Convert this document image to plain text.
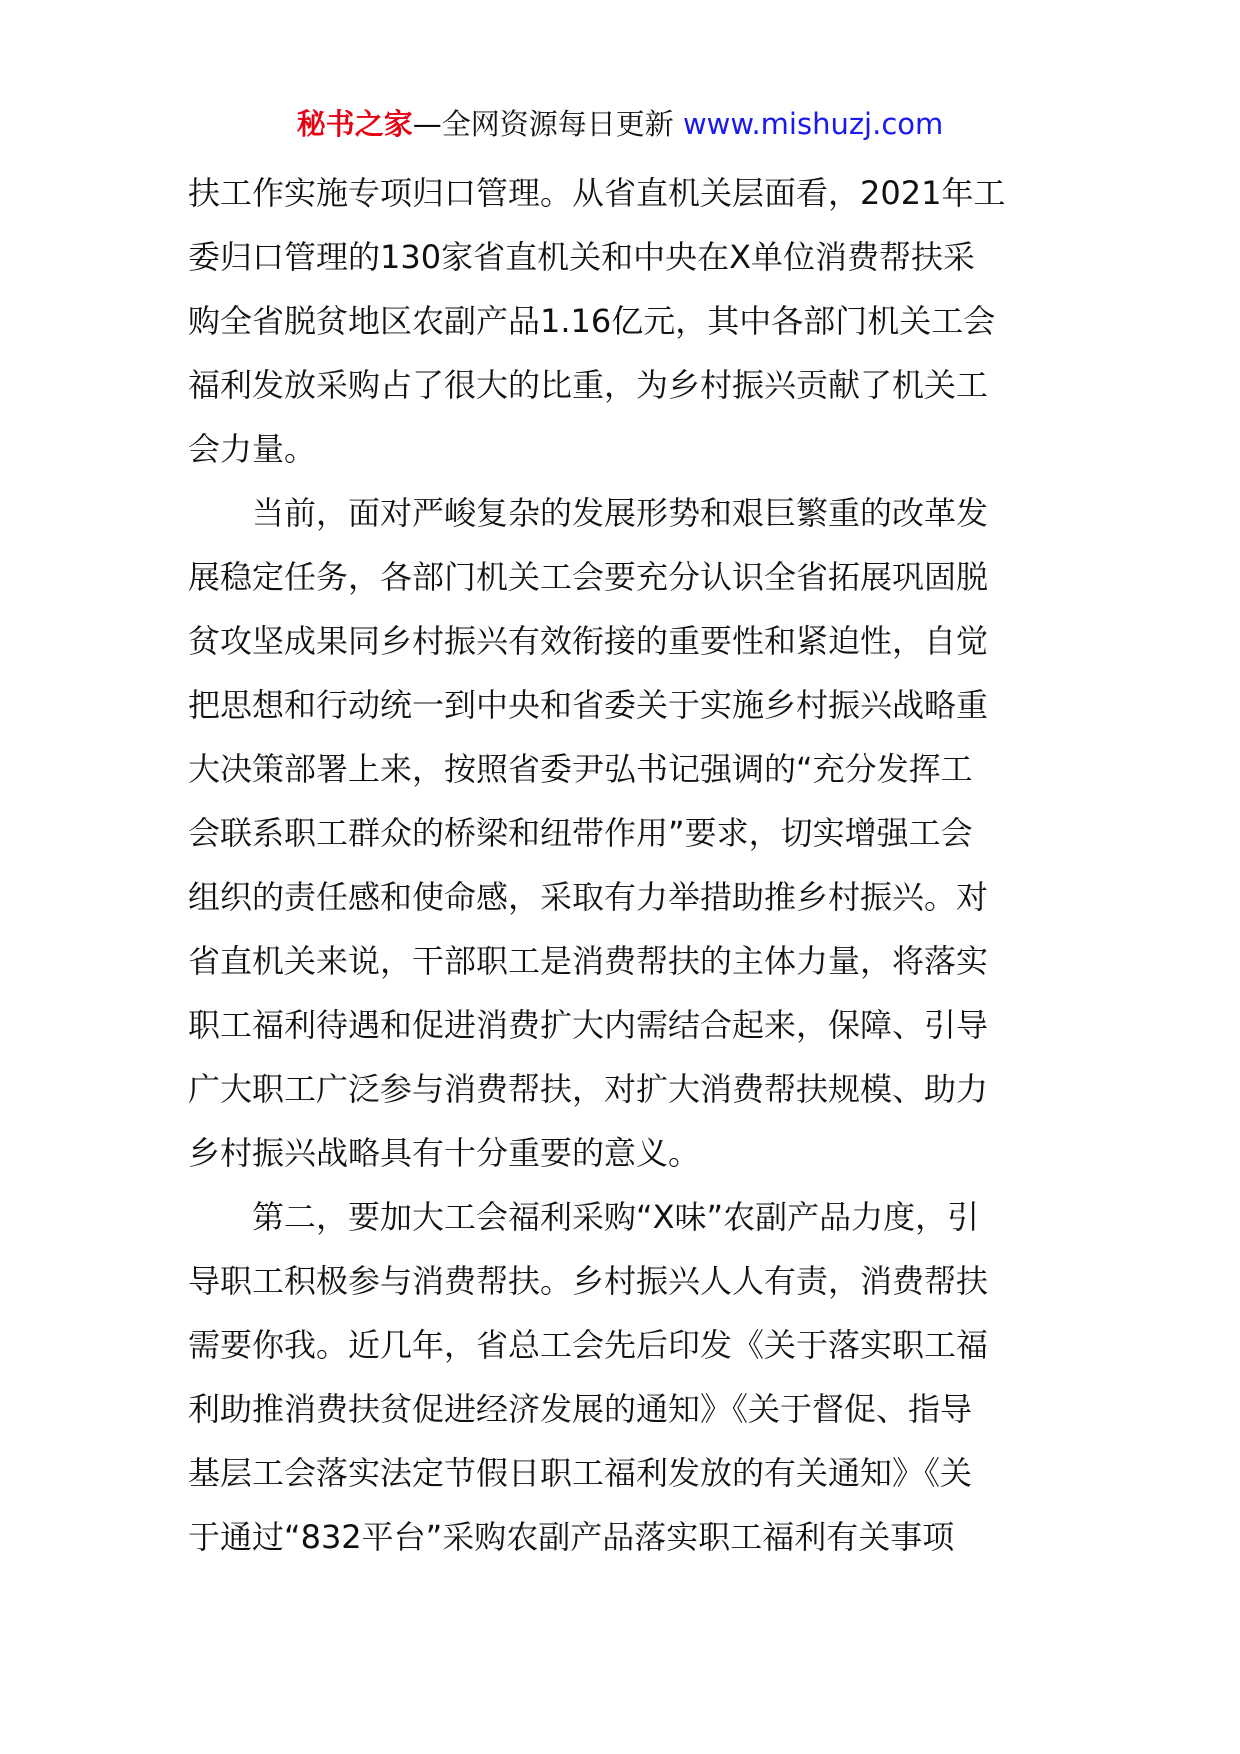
秘书之家—全网资源每日更新 www.mishuzj.com
扶工作实施专项归口管理。从省直机关层面看，2021年工
委归口管理的130家省直机关和中央在X单位消费帮扶采
购全省脱贫地区农副产品1.16亿元，其中各部门机关工会
福利发放采购占了很大的比重，为乡村振兴贡献了机关工
会力量。
当前，面对严峻复杂的发展形势和艰巨繁重的改革发
展稳定任务，各部门机关工会要充分认识全省拓展巩固脱
贫攻坚成果同乡村振兴有效衔接的重要性和紧迫性，自觉
把思想和行动统一到中央和省委关于实施乡村振兴战略重
大决策部署上来，按照省委尹弘书记强调的“充分发挥工
会联系职工群众的桥梁和纽带作用”要求，切实增强工会
组织的责任感和使命感，采取有力举措助推乡村振兴。对
省直机关来说，干部职工是消费帮扶的主体力量，将落实
职工福利待遇和促进消费扩大内需结合起来，保障、引导
广大职工广泛参与消费帮扶，对扩大消费帮扶规模、助力
乡村振兴战略具有十分重要的意义。
第二，要加大工会福利采购“X味”农副产品力度，引
导职工积极参与消费帮扶。乡村振兴人人有责，消费帮扶
需要你我。近几年，省总工会先后印发《关于落实职工福
利助推消费扶贫促进经济发展的通知》《关于督促、指导
基层工会落实法定节假日职工福利发放的有关通知》《关
于通过“832平台”采购农副产品落实职工福利有关事项
